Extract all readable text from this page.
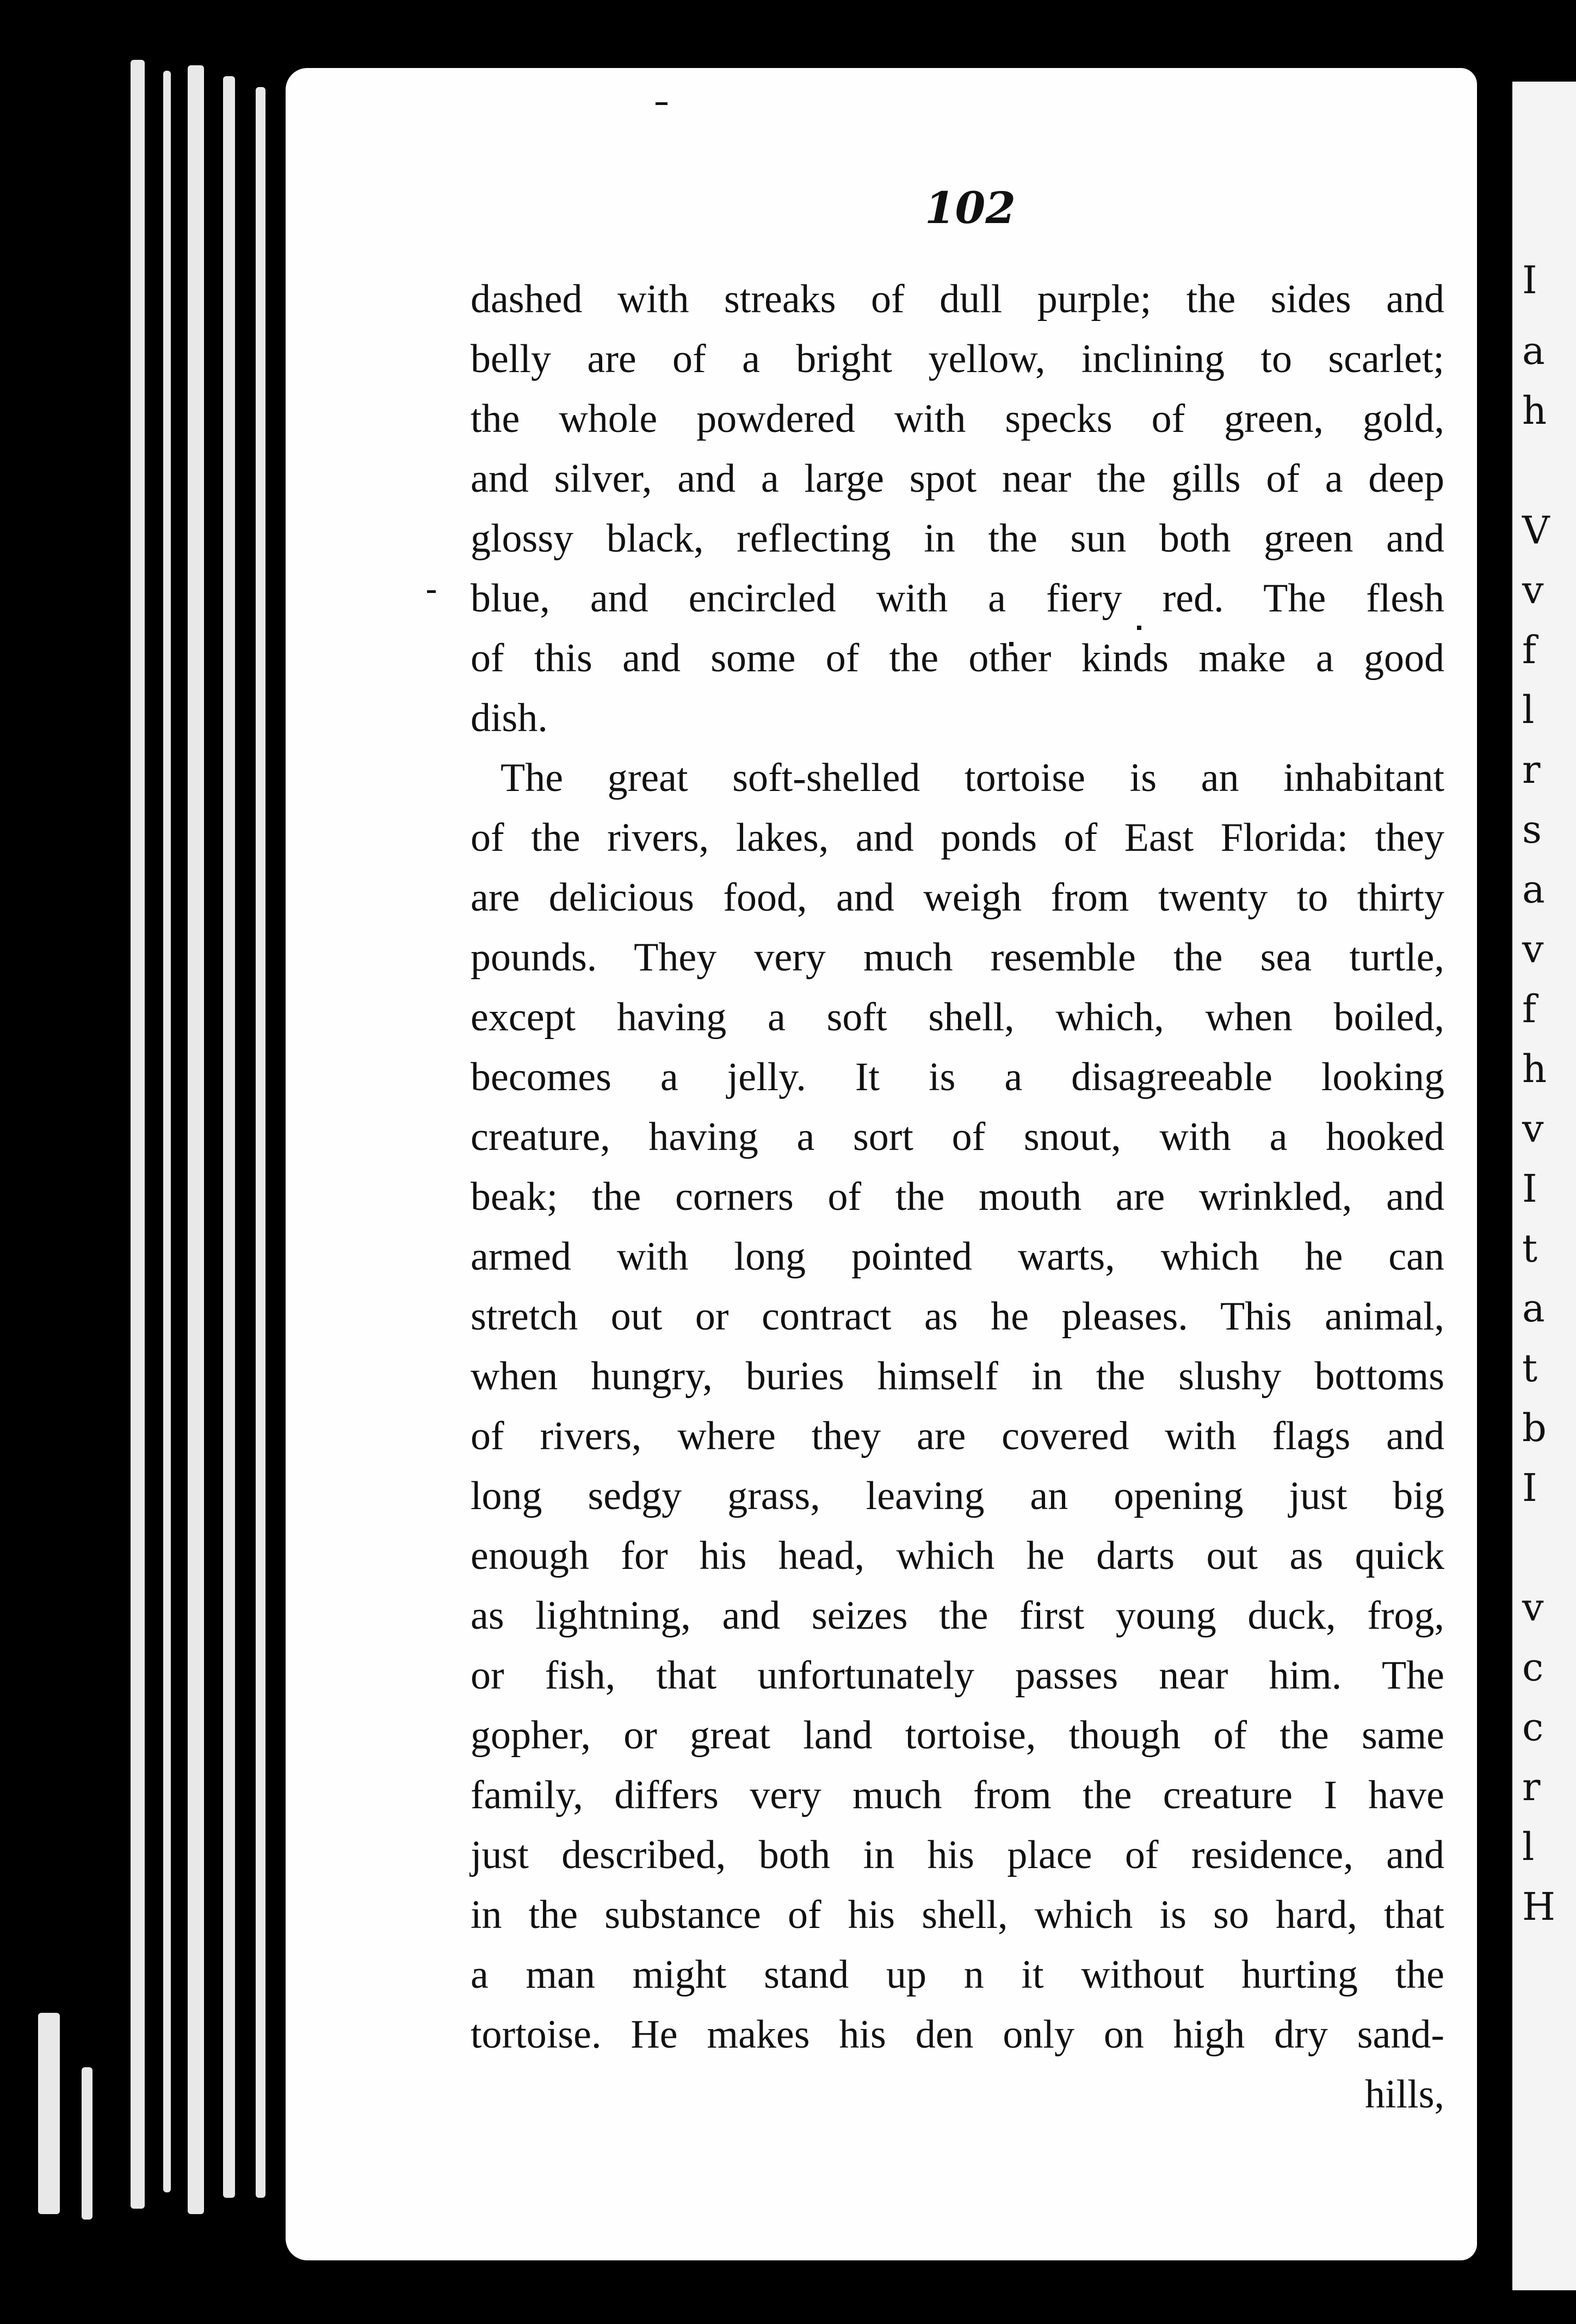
I
a
h
V
v
f
l
r
s
a
v
f
h
v
I
t
a
t
b
I
v
c
c
r
l
H
102
dashed with streaks of dull purple; the sides and
belly are of a bright yellow, inclining to scarlet;
the whole powdered with specks of green, gold,
and silver, and a large spot near the gills of a deep
glossy black, reflecting in the sun both green and
blue, and encircled with a fiery red. The flesh
of this and some of the other kinds make a good
dish.
The great soft-shelled tortoise is an inhabitant
of the rivers, lakes, and ponds of East Florida: they
are delicious food, and weigh from twenty to thirty
pounds. They very much resemble the sea turtle,
except having a soft shell, which, when boiled,
becomes a jelly. It is a disagreeable looking
creature, having a sort of snout, with a hooked
beak; the corners of the mouth are wrinkled, and
armed with long pointed warts, which he can
stretch out or contract as he pleases. This animal,
when hungry, buries himself in the slushy bottoms
of rivers, where they are covered with flags and
long sedgy grass, leaving an opening just big
enough for his head, which he darts out as quick
as lightning, and seizes the first young duck, frog,
or fish, that unfortunately passes near him. The
gopher, or great land tortoise, though of the same
family, differs very much from the creature I have
just described, both in his place of residence, and
in the substance of his shell, which is so hard, that
a man might stand up n it without hurting the
tortoise. He makes his den only on high dry sand-
hills,
